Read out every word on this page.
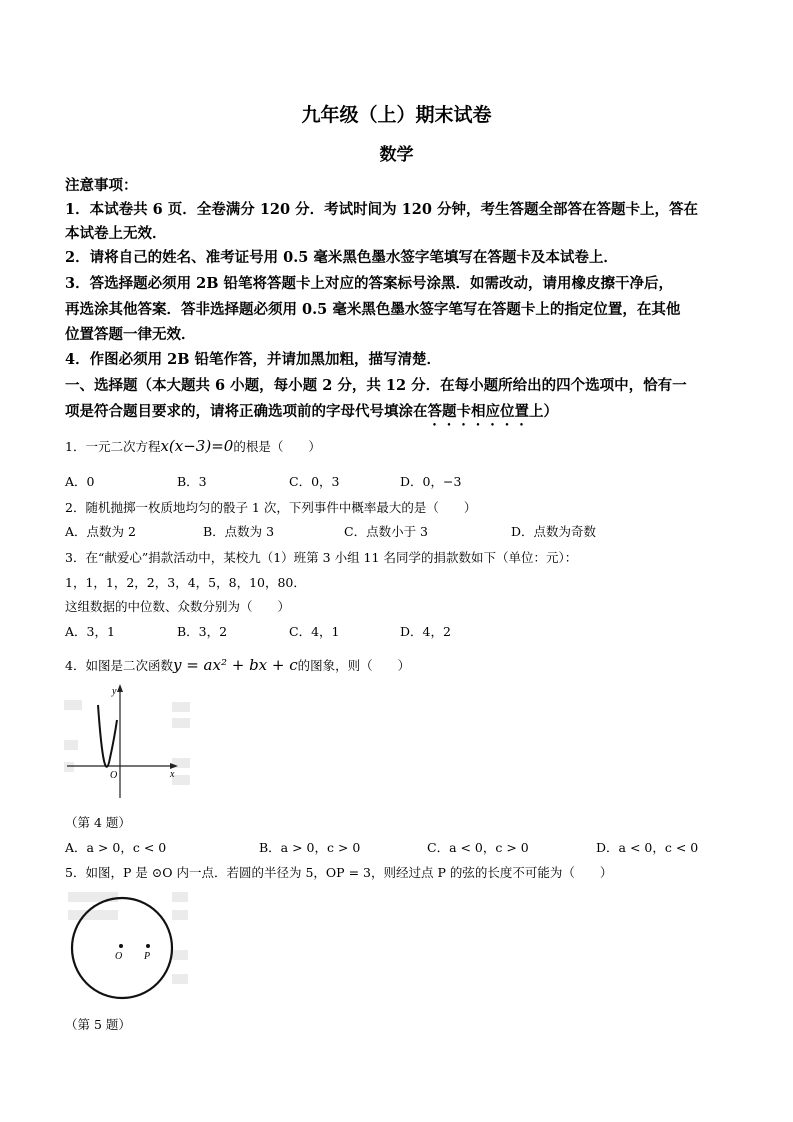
九年级（上）期末试卷
数学
注意事项：
1．本试卷共 6 页．全卷满分 120 分．考试时间为 120 分钟，考生答题全部答在答题卡上，答在
本试卷上无效．
2．请将自己的姓名、准考证号用 0.5 毫米黑色墨水签字笔填写在答题卡及本试卷上．
3．答选择题必须用 2B 铅笔将答题卡上对应的答案标号涂黑．如需改动，请用橡皮擦干净后，
再选涂其他答案．答非选择题必须用 0.5 毫米黑色墨水签字笔写在答题卡上的指定位置，在其他
位置答题一律无效．
4．作图必须用 2B 铅笔作答，并请加黑加粗，描写清楚．
一、选择题（本大题共 6 小题，每小题 2 分，共 12 分．在每小题所给出的四个选项中，恰有一
项是符合题目要求的，请将正确选项前的字母代号填涂在答题卡相应位置上）
1．一元二次方程x(x−3)=0的根是（　　）
A．0	B．3	C．0，3	D．0，−3
2．随机抛掷一枚质地均匀的骰子 1 次，下列事件中概率最大的是（　　）
A．点数为 2	B．点数为 3	C．点数小于 3	D．点数为奇数
3．在“献爱心”捐款活动中，某校九（1）班第 3 小组 11 名同学的捐款数如下（单位：元）：
1，1，1，2，2，3，4，5，8，10，80．
这组数据的中位数、众数分别为（　　）
A．3，1	B．3，2	C．4，1	D．4，2
4．如图是二次函数y = ax² + bx + c的图象，则（　　）
y
x
O
（第 4 题）
A．a > 0，c < 0	B．a > 0，c > 0	C．a < 0，c > 0	D．a < 0，c < 0
5．如图，P 是 ⊙O 内一点．若圆的半径为 5，OP = 3，则经过点 P 的弦的长度不可能为（　　）
O P
（第 5 题）
